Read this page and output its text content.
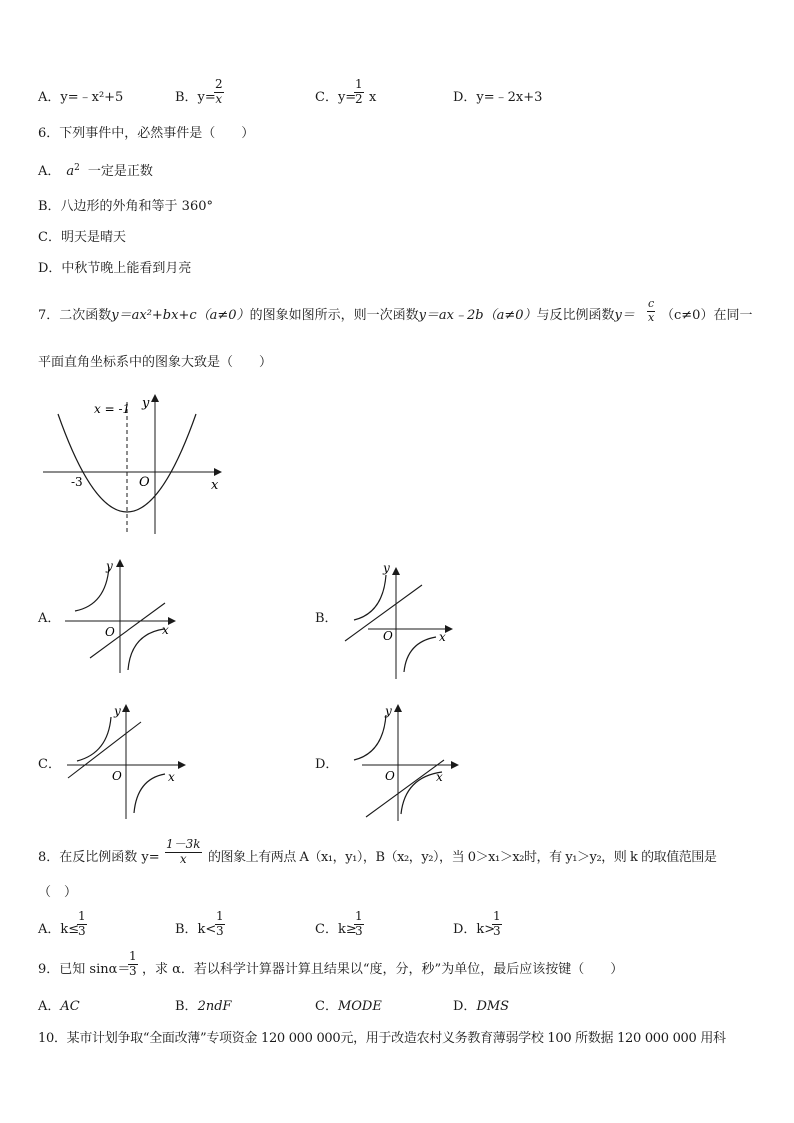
A．y=﹣x²+5	B．y=
$\frac{2}{x}$	C．y=
$\frac{1}{2}$ x	D．y=﹣2x+3
6．下列事件中，必然事件是（　　）
A． $a^2$ 一定是正数
B．八边形的外角和等于 360°
C．明天是晴天
D．中秋节晚上能看到月亮
7．二次函数y＝ax²+bx+c（a≠0）的图象如图所示，则一次函数y＝ax﹣2b（a≠0）与反比例函数$y= \frac{c}{x} (c\ne 0)$在同一
平面直角坐标系中的图象大致是（　　）
x = -1 y
x
O
-3
A．
y
x
O
B．
y
x
O
C．
y
x
O
D．
y
x
O
8．在反比例函数 $y= \frac{1-3k}{x}$ 的图象上有两点 A（x₁，y₁），B（x₂，y₂），当 0＞x₁＞x₂时，有 y₁＞y₂，则 k 的取值范围是
（　）
A．k≤
$\frac{1}{3}$	B．k<
$\frac{1}{3}$	C．k≥
$\frac{1}{3}$	D．k>
$\frac{1}{3}$
9．已知 sinα＝
$\frac{1}{3}$ ，求 α．若以科学计算器计算且结果以“度，分，秒”为单位，最后应该按键（　　）
A．AC	B．2ndF	C．MODE	D．DMS
10．某市计划争取“全面改薄”专项资金 120 000 000元，用于改造农村义务教育薄弱学校 100 所数据 120 000 000 用科
